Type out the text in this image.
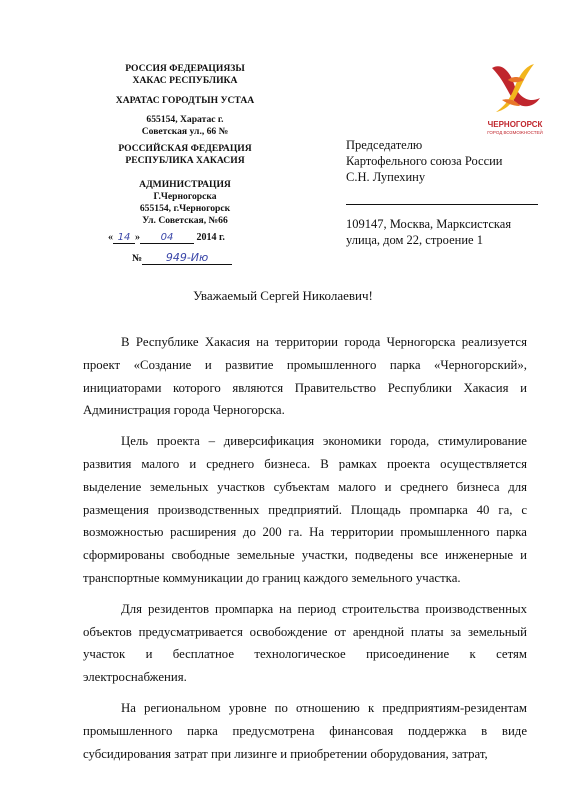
РОССИЯ ФЕДЕРАЦИЯЗЫ
ХАКАС РЕСПУБЛИКА
ХАРАТАС ГОРОДТЫН УСТАА
655154, Харатас г.
Советская ул., 66 №
РОССИЙСКАЯ ФЕДЕРАЦИЯ
РЕСПУБЛИКА ХАКАСИЯ
АДМИНИСТРАЦИЯ
Г.Черногорска
655154, г.Черногорск
Ул. Советская, №66
« 14 » 04 2014 г.
№ 949-Ию
ЧЕРНОГОРСК
ГОРОД ВОЗМОЖНОСТЕЙ
Председателю
Картофельного союза России
С.Н. Лупехину
109147, Москва, Марксистская
улица, дом 22, строение 1
Уважаемый Сергей Николаевич!

В Республике Хакасия на территории города Черногорска реализуется проект «Создание и развитие промышленного парка «Черногорский», инициаторами которого являются Правительство Республики Хакасия и Администрация города Черногорска.

Цель проекта – диверсификация экономики города, стимулирование развития малого и среднего бизнеса. В рамках проекта осуществляется выделение земельных участков субъектам малого и среднего бизнеса для размещения производственных предприятий. Площадь промпарка 40 га, с возможностью расширения до 200 га. На территории промышленного парка сформированы свободные земельные участки, подведены все инженерные и транспортные коммуникации до границ каждого земельного участка.

Для резидентов промпарка на период строительства производственных объектов предусматривается освобождение от арендной платы за земельный участок и бесплатное технологическое присоединение к сетям электроснабжения.

На региональном уровне по отношению к предприятиям-резидентам промышленного парка предусмотрена финансовая поддержка в виде субсидирования затрат при лизинге и приобретении оборудования, затрат,
